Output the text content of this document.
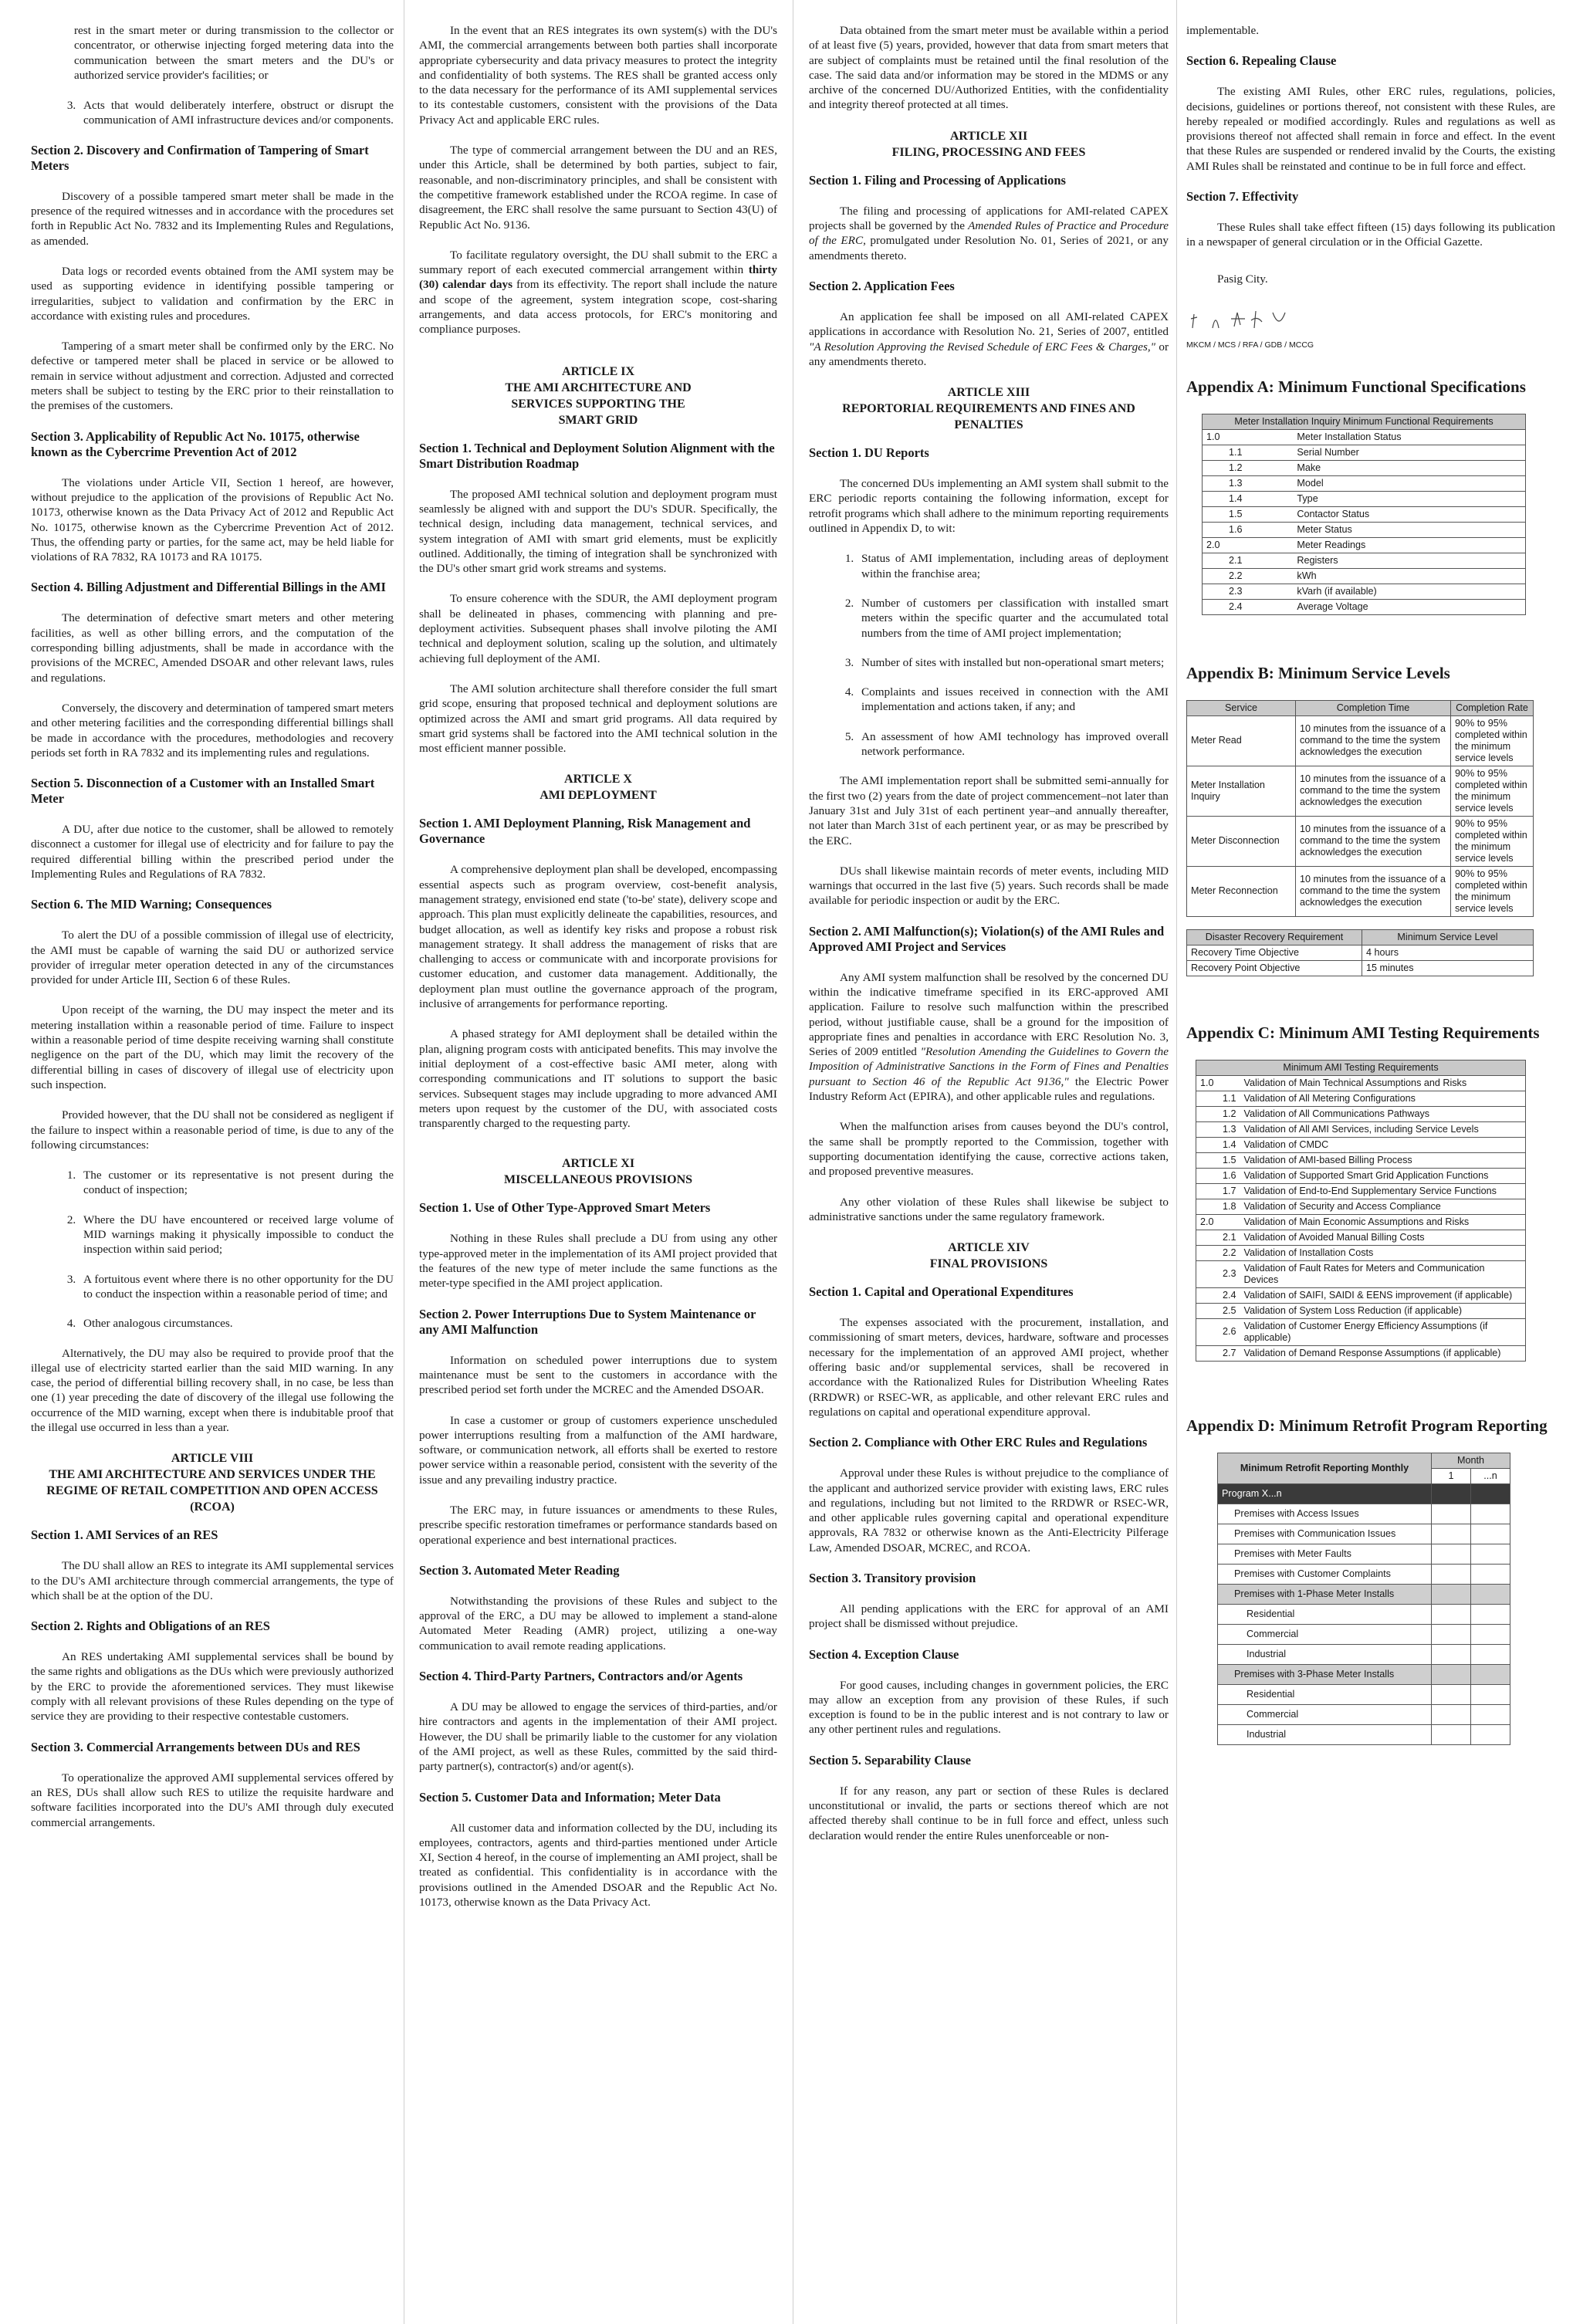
rest in the smart meter or during transmission to the collector or concentrator, or otherwise injecting forged metering data into the communication between the smart meters and the DU's or authorized service provider's facilities; or

3. Acts that would deliberately interfere, obstruct or disrupt the communication of AMI infrastructure devices and/or components.
Section 2. Discovery and Confirmation of Tampering of Smart Meters

Discovery of a possible tampered smart meter shall be made in the presence of the required witnesses and in accordance with the procedures set forth in Republic Act No. 7832 and its Implementing Rules and Regulations, as amended.

Data logs or recorded events obtained from the AMI system may be used as supporting evidence in identifying possible tampering or irregularities, subject to validation and confirmation by the ERC in accordance with existing rules and procedures.

Tampering of a smart meter shall be confirmed only by the ERC. No defective or tampered meter shall be placed in service or be allowed to remain in service without adjustment and correction. Adjusted and corrected meters shall be subject to testing by the ERC prior to their reinstallation to the premises of the customers.

Section 3. Applicability of Republic Act No. 10175, otherwise known as the Cybercrime Prevention Act of 2012

The violations under Article VII, Section 1 hereof, are however, without prejudice to the application of the provisions of Republic Act No. 10173, otherwise known as the Data Privacy Act of 2012 and Republic Act No. 10175, otherwise known as the Cybercrime Prevention Act of 2012. Thus, the offending party or parties, for the same act, may be held liable for violations of RA 7832, RA 10173 and RA 10175.

Section 4. Billing Adjustment and Differential Billings in the AMI

The determination of defective smart meters and other metering facilities, as well as other billing errors, and the computation of the corresponding billing adjustments, shall be made in accordance with the provisions of the MCREC, Amended DSOAR and other relevant laws, rules and regulations.

Conversely, the discovery and determination of tampered smart meters and other metering facilities and the corresponding differential billings shall be made in accordance with the procedures, methodologies and recovery periods set forth in RA 7832 and its implementing rules and regulations.

Section 5. Disconnection of a Customer with an Installed Smart Meter

A DU, after due notice to the customer, shall be allowed to remotely disconnect a customer for illegal use of electricity and for failure to pay the required differential billing within the prescribed period under the Implementing Rules and Regulations of RA 7832.

Section 6. The MID Warning; Consequences

To alert the DU of a possible commission of illegal use of electricity, the AMI must be capable of warning the said DU or authorized service provider of irregular meter operation detected in any of the circumstances provided for under Article III, Section 6 of these Rules.

Upon receipt of the warning, the DU may inspect the meter and its metering installation within a reasonable period of time. Failure to inspect within a reasonable period of time despite receiving warning shall constitute negligence on the part of the DU, which may limit the recovery of the differential billing in cases of discovery of illegal use of electricity upon such inspection.

Provided however, that the DU shall not be considered as negligent if the failure to inspect within a reasonable period of time, is due to any of the following circumstances:

1. The customer or its representative is not present during the conduct of inspection;
2. Where the DU have encountered or received large volume of MID warnings making it physically impossible to conduct the inspection within said period;
3. A fortuitous event where there is no other opportunity for the DU to conduct the inspection within a reasonable period of time; and
4. Other analogous circumstances.

Alternatively, the DU may also be required to provide proof that the illegal use of electricity started earlier than the said MID warning. In any case, the period of differential billing recovery shall, in no case, be less than one (1) year preceding the date of discovery of the illegal use following the occurrence of the MID warning, except when there is indubitable proof that the illegal use occurred in less than a year.

ARTICLE VIII
THE AMI ARCHITECTURE AND SERVICES UNDER THE REGIME OF RETAIL COMPETITION AND OPEN ACCESS (RCOA)
Section 1. AMI Services of an RES

The DU shall allow an RES to integrate its AMI supplemental services to the DU's AMI architecture through commercial arrangements, the type of which shall be at the option of the DU.

Section 2. Rights and Obligations of an RES

An RES undertaking AMI supplemental services shall be bound by the same rights and obligations as the DUs which were previously authorized by the ERC to provide the aforementioned services. They must likewise comply with all relevant provisions of these Rules depending on the type of service they are providing to their respective contestable customers.

Section 3. Commercial Arrangements between DUs and RES

To operationalize the approved AMI supplemental services offered by an RES, DUs shall allow such RES to utilize the requisite hardware and software facilities incorporated into the DU's AMI through duly executed commercial arrangements.

In the event that an RES integrates its own system(s) with the DU's AMI, the commercial arrangements between both parties shall incorporate appropriate cybersecurity and data privacy measures to protect the integrity and confidentiality of both systems. The RES shall be granted access only to the data necessary for the performance of its AMI supplemental services to its contestable customers, consistent with the provisions of the Data Privacy Act and applicable ERC rules.

The type of commercial arrangement between the DU and an RES, under this Article, shall be determined by both parties, subject to fair, reasonable, and non-discriminatory principles, and shall be consistent with the competitive framework established under the RCOA regime. In case of disagreement, the ERC shall resolve the same pursuant to Section 43(U) of Republic Act No. 9136.

To facilitate regulatory oversight, the DU shall submit to the ERC a summary report of each executed commercial arrangement within thirty (30) calendar days from its effectivity. The report shall include the nature and scope of the agreement, system integration scope, cost-sharing arrangements, and data access protocols, for ERC's monitoring and compliance purposes.

ARTICLE IX
THE AMI ARCHITECTURE AND SERVICES SUPPORTING THE SMART GRID
Section 1. Technical and Deployment Solution Alignment with the Smart Distribution Roadmap

The proposed AMI technical solution and deployment program must seamlessly be aligned with and support the DU's SDUR. Specifically, the technical design, including data management, technical services, and system integration of AMI with smart grid elements, must be explicitly outlined. Additionally, the timing of integration shall be synchronized with the DU's other smart grid work streams and systems.

To ensure coherence with the SDUR, the AMI deployment program shall be delineated in phases, commencing with planning and pre-deployment activities. Subsequent phases shall involve piloting the AMI technical and deployment solution, scaling up the solution, and ultimately achieving full deployment of the AMI.

The AMI solution architecture shall therefore consider the full smart grid scope, ensuring that proposed technical and deployment solutions are optimized across the AMI and smart grid programs. All data required by smart grid systems shall be factored into the AMI technical solution in the most efficient manner possible.

ARTICLE X
AMI DEPLOYMENT
Section 1. AMI Deployment Planning, Risk Management and Governance

A comprehensive deployment plan shall be developed, encompassing essential aspects such as program overview, cost-benefit analysis, management strategy, envisioned end state ('to-be' state), delivery scope and approach. This plan must explicitly delineate the capabilities, resources, and budget allocation, as well as identify key risks and propose a robust risk management strategy. It shall address the management of risks that are challenging to access or communicate with and incorporate provisions for customer education, and customer data management. Additionally, the deployment plan must outline the governance approach of the program, inclusive of arrangements for performance reporting.

A phased strategy for AMI deployment shall be detailed within the plan, aligning program costs with anticipated benefits. This may involve the initial deployment of a cost-effective basic AMI meter, along with corresponding communications and IT solutions to support the basic services. Subsequent stages may include upgrading to more advanced AMI meters upon request by the customer of the DU, with associated costs transparently charged to the requesting party.

ARTICLE XI
MISCELLANEOUS PROVISIONS
Section 1. Use of Other Type-Approved Smart Meters

Nothing in these Rules shall preclude a DU from using any other type-approved meter in the implementation of its AMI project provided that the features of the new type of meter include the same functions as the meter-type specified in the AMI project application.

Section 2. Power Interruptions Due to System Maintenance or any AMI Malfunction

Information on scheduled power interruptions due to system maintenance must be sent to the customers in accordance with the prescribed period set forth under the MCREC and the Amended DSOAR.

In case a customer or group of customers experience unscheduled power interruptions resulting from a malfunction of the AMI hardware, software, or communication network, all efforts shall be exerted to restore power service within a reasonable period, consistent with the severity of the issue and any prevailing industry practice.

The ERC may, in future issuances or amendments to these Rules, prescribe specific restoration timeframes or performance standards based on operational experience and best international practices.

Section 3. Automated Meter Reading

Notwithstanding the provisions of these Rules and subject to the approval of the ERC, a DU may be allowed to implement a stand-alone Automated Meter Reading (AMR) project, utilizing a one-way communication to avail remote reading applications.

Section 4. Third-Party Partners, Contractors and/or Agents

A DU may be allowed to engage the services of third-parties, and/or hire contractors and agents in the implementation of their AMI project. However, the DU shall be primarily liable to the customer for any violation of the AMI project, as well as these Rules, committed by the said third-party partner(s), contractor(s) and/or agent(s).

Section 5. Customer Data and Information; Meter Data

All customer data and information collected by the DU, including its employees, contractors, agents and third-parties mentioned under Article XI, Section 4 hereof, in the course of implementing an AMI project, shall be treated as confidential. This confidentiality is in accordance with the provisions outlined in the Amended DSOAR and the Republic Act No. 10173, otherwise known as the Data Privacy Act.

Data obtained from the smart meter must be available within a period of at least five (5) years, provided, however that data from smart meters that are subject of complaints must be retained until the final resolution of the case. The said data and/or information may be stored in the MDMS or any archive of the concerned DU/Authorized Entities, with the confidentiality and integrity thereof protected at all times.

ARTICLE XII
FILING, PROCESSING AND FEES
Section 1. Filing and Processing of Applications

The filing and processing of applications for AMI-related CAPEX projects shall be governed by the Amended Rules of Practice and Procedure of the ERC, promulgated under Resolution No. 01, Series of 2021, or any amendments thereto.

Section 2. Application Fees

An application fee shall be imposed on all AMI-related CAPEX applications in accordance with Resolution No. 21, Series of 2007, entitled "A Resolution Approving the Revised Schedule of ERC Fees & Charges," or any amendments thereto.

ARTICLE XIII
REPORTORIAL REQUIREMENTS AND FINES AND PENALTIES
Section 1. DU Reports

The concerned DUs implementing an AMI system shall submit to the ERC periodic reports containing the following information, except for retrofit programs which shall adhere to the minimum reporting requirements outlined in Appendix D, to wit:

1. Status of AMI implementation, including areas of deployment within the franchise area;
2. Number of customers per classification with installed smart meters within the specific quarter and the accumulated total numbers from the time of AMI project implementation;
3. Number of sites with installed but non-operational smart meters;
4. Complaints and issues received in connection with the AMI implementation and actions taken, if any; and
5. An assessment of how AMI technology has improved overall network performance.

The AMI implementation report shall be submitted semi-annually for the first two (2) years from the date of project commencement–not later than January 31st and July 31st of each pertinent year–and annually thereafter, not later than March 31st of each pertinent year, or as may be prescribed by the ERC.

DUs shall likewise maintain records of meter events, including MID warnings that occurred in the last five (5) years. Such records shall be made available for periodic inspection or audit by the ERC.

Section 2. AMI Malfunction(s); Violation(s) of the AMI Rules and Approved AMI Project and Services

Any AMI system malfunction shall be resolved by the concerned DU within the indicative timeframe specified in its ERC-approved AMI application. Failure to resolve such malfunction within the prescribed period, without justifiable cause, shall be a ground for the imposition of appropriate fines and penalties in accordance with ERC Resolution No. 3, Series of 2009 entitled "Resolution Amending the Guidelines to Govern the Imposition of Administrative Sanctions in the Form of Fines and Penalties pursuant to Section 46 of the Republic Act 9136," the Electric Power Industry Reform Act (EPIRA), and other applicable rules and regulations.

When the malfunction arises from causes beyond the DU's control, the same shall be promptly reported to the Commission, together with supporting documentation identifying the cause, corrective actions taken, and proposed preventive measures.

Any other violation of these Rules shall likewise be subject to administrative sanctions under the same regulatory framework.

ARTICLE XIV
FINAL PROVISIONS
Section 1. Capital and Operational Expenditures

The expenses associated with the procurement, installation, and commissioning of smart meters, devices, hardware, software and processes necessary for the implementation of an approved AMI project, whether offering basic and/or supplemental services, shall be recovered in accordance with the Rationalized Rules for Distribution Wheeling Rates (RRDWR) or RSEC-WR, as applicable, and other relevant ERC rules and regulations on capital and operational expenditure approval.

Section 2. Compliance with Other ERC Rules and Regulations

Approval under these Rules is without prejudice to the compliance of the applicant and authorized service provider with existing laws, ERC rules and regulations, including but not limited to the RRDWR or RSEC-WR, and other applicable rules governing capital and operational expenditure approvals, RA 7832 or otherwise known as the Anti-Electricity Pilferage Law, Amended DSOAR, MCREC, and RCOA.

Section 3. Transitory provision

All pending applications with the ERC for approval of an AMI project shall be dismissed without prejudice.

Section 4. Exception Clause

For good causes, including changes in government policies, the ERC may allow an exception from any provision of these Rules, if such exception is found to be in the public interest and is not contrary to law or any other pertinent rules and regulations.

Section 5. Separability Clause

If for any reason, any part or section of these Rules is declared unconstitutional or invalid, the parts or sections thereof which are not affected thereby shall continue to be in full force and effect, unless such declaration would render the entire Rules unenforceable or non-

implementable.

Section 6. Repealing Clause

The existing AMI Rules, other ERC rules, regulations, policies, decisions, guidelines or portions thereof, not consistent with these Rules, are hereby repealed or modified accordingly. Rules and regulations as well as provisions thereof not affected shall remain in force and effect. In the event that these Rules are suspended or rendered invalid by the Courts, the existing AMI Rules shall be reinstated and continue to be in full force and effect.

Section 7. Effectivity

These Rules shall take effect fifteen (15) days following its publication in a newspaper of general circulation or in the Official Gazette.

Pasig City.

MKCM / MCS / RFA / GDB / MCCG
Appendix A: Minimum Functional Specifications
Meter Installation Inquiry Minimum Functional Requirements	
1.0	Meter Installation Status
1.1	Serial Number
1.2	Make
1.3	Model
1.4	Type
1.5	Contactor Status
1.6	Meter Status
2.0	Meter Readings
2.1	Registers
2.2	kWh
2.3	kVarh (if available)
2.4	Average Voltage
Appendix B: Minimum Service Levels
Service	Completion Time	Completion Rate
Meter Read	10 minutes from the issuance of a command to the time the system acknowledges the execution	90% to 95% completed within the minimum service levels
Meter Installation Inquiry	10 minutes from the issuance of a command to the time the system acknowledges the execution	90% to 95% completed within the minimum service levels
Meter Disconnection	10 minutes from the issuance of a command to the time the system acknowledges the execution	90% to 95% completed within the minimum service levels
Meter Reconnection	10 minutes from the issuance of a command to the time the system acknowledges the execution	90% to 95% completed within the minimum service levels
Disaster Recovery Requirement	Minimum Service Level
Recovery Time Objective	4 hours
Recovery Point Objective	15 minutes
Appendix C: Minimum AMI Testing Requirements
Minimum AMI Testing Requirements	
1.0	Validation of Main Technical Assumptions and Risks
1.1	Validation of All Metering Configurations
1.2	Validation of All Communications Pathways
1.3	Validation of All AMI Services, including Service Levels
1.4	Validation of CMDC
1.5	Validation of AMI-based Billing Process
1.6	Validation of Supported Smart Grid Application Functions
1.7	Validation of End-to-End Supplementary Service Functions
1.8	Validation of Security and Access Compliance
2.0	Validation of Main Economic Assumptions and Risks
2.1	Validation of Avoided Manual Billing Costs
2.2	Validation of Installation Costs
2.3	Validation of Fault Rates for Meters and Communication Devices
2.4	Validation of SAIFI, SAIDI & EENS improvement (if applicable)
2.5	Validation of System Loss Reduction (if applicable)
2.6	Validation of Customer Energy Efficiency Assumptions (if applicable)
2.7	Validation of Demand Response Assumptions (if applicable)
Appendix D: Minimum Retrofit Program Reporting
Minimum Retrofit Reporting Monthly	Month	
	1	...n
Program X...n		
Premises with Access Issues		
Premises with Communication Issues		
Premises with Meter Faults		
Premises with Customer Complaints		
Premises with 1-Phase Meter Installs		
Residential		
Commercial		
Industrial		
Premises with 3-Phase Meter Installs		
Residential		
Commercial		
Industrial		
